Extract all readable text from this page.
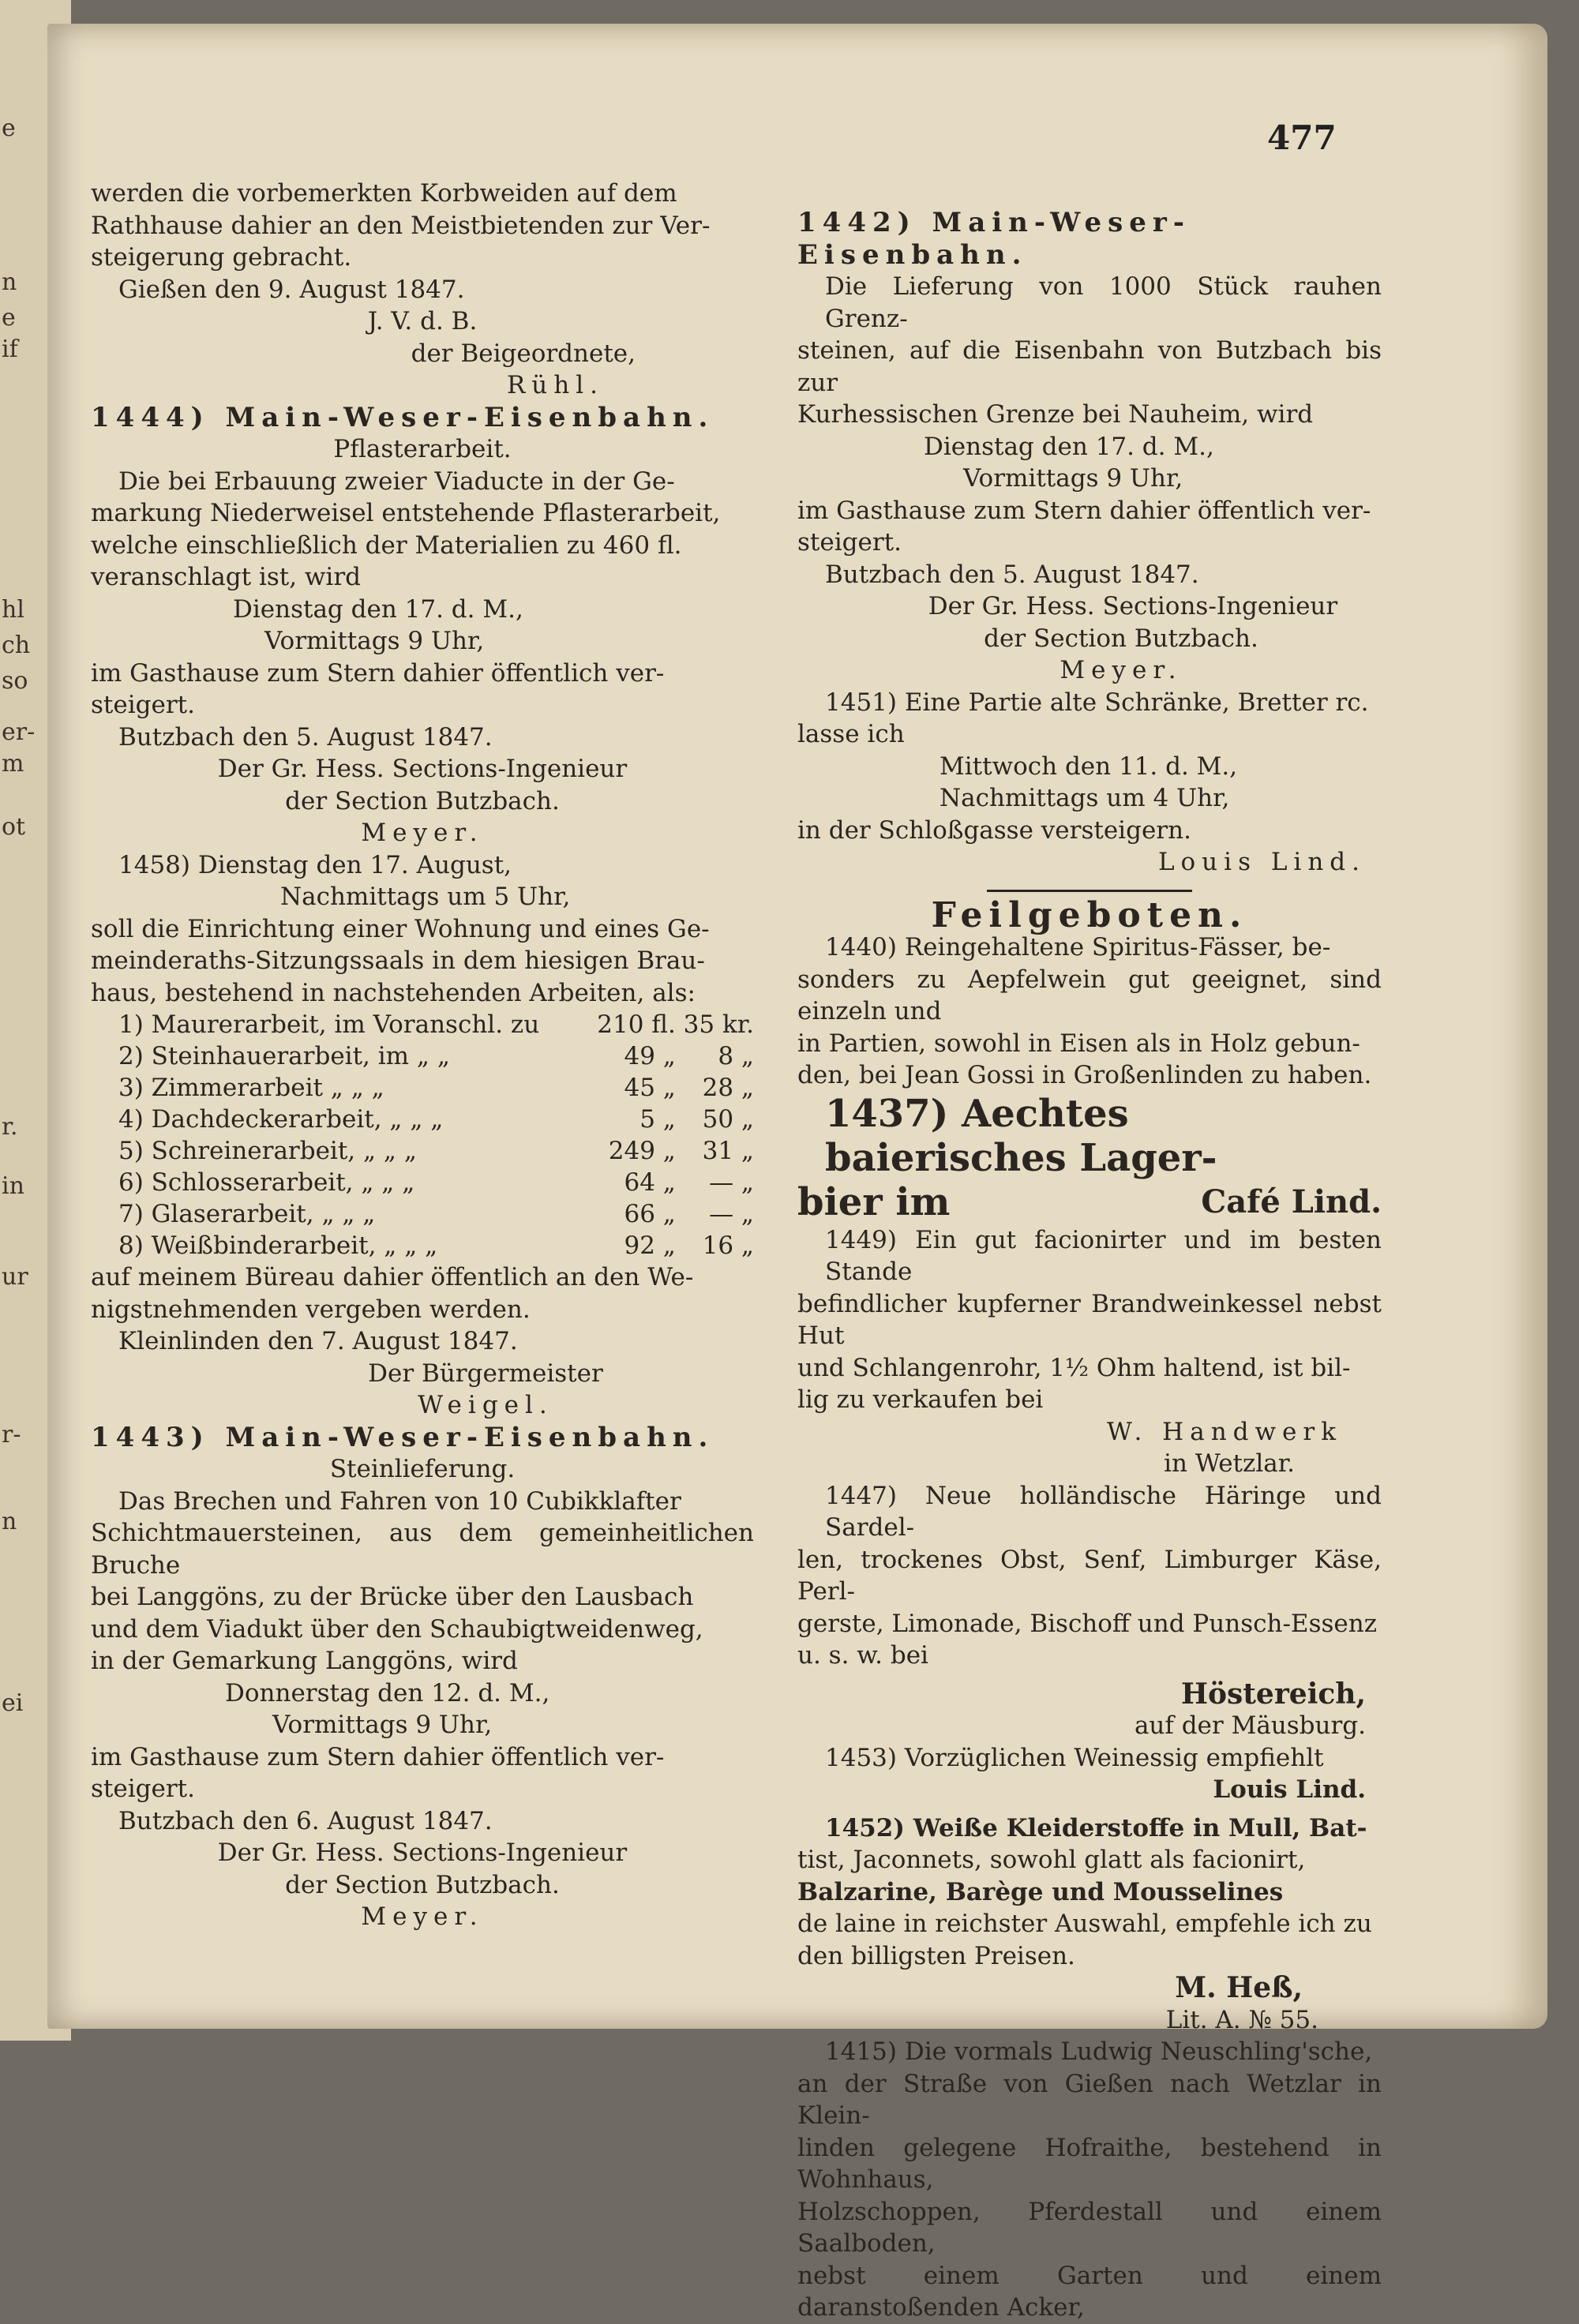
e
n
e
if
hl
ch
so
er-
m
ot
r.
in
ur
r-
n
ei
477

werden die vorbemerkten Korbweiden auf dem

Rathhause dahier an den Meistbietenden zur Ver-

steigerung gebracht.

Gießen den 9. August 1847.

J. V. d. B.

der Beigeordnete,

Rühl.

1444) Main-Weser-Eisenbahn.

Pflasterarbeit.

Die bei Erbauung zweier Viaducte in der Ge-

markung Niederweisel entstehende Pflasterarbeit,

welche einschließlich der Materialien zu 460 fl.

veranschlagt ist, wird

Dienstag den 17. d. M.,

Vormittags 9 Uhr,

im Gasthause zum Stern dahier öffentlich ver-

steigert.

Butzbach den 5. August 1847.

Der Gr. Hess. Sections-Ingenieur

der Section Butzbach.

Meyer.

1458) Dienstag den 17. August,

Nachmittags um 5 Uhr,

soll die Einrichtung einer Wohnung und eines Ge-

meinderaths-Sitzungssaals in dem hiesigen Brau-

haus, bestehend in nachstehenden Arbeiten, als:

1) Maurerarbeit, im Voranschl. zu	210 fl.	35 kr.
2) Steinhauerarbeit, im „ „	49 „	8 „
3) Zimmerarbeit „ „ „	45 „	28 „
4) Dachdeckerarbeit, „ „ „	5 „	50 „
5) Schreinerarbeit, „ „ „	249 „	31 „
6) Schlosserarbeit, „ „ „	64 „	— „
7) Glaserarbeit, „ „ „	66 „	— „
8) Weißbinderarbeit, „ „ „	92 „	16 „

auf meinem Büreau dahier öffentlich an den We-

nigstnehmenden vergeben werden.

Kleinlinden den 7. August 1847.

Der Bürgermeister

Weigel.

1443) Main-Weser-Eisenbahn.

Steinlieferung.

Das Brechen und Fahren von 10 Cubikklafter

Schichtmauersteinen, aus dem gemeinheitlichen Bruche

bei Langgöns, zu der Brücke über den Lausbach

und dem Viadukt über den Schaubigtweidenweg,

in der Gemarkung Langgöns, wird

Donnerstag den 12. d. M.,

Vormittags 9 Uhr,

im Gasthause zum Stern dahier öffentlich ver-

steigert.

Butzbach den 6. August 1847.

Der Gr. Hess. Sections-Ingenieur

der Section Butzbach.

Meyer.

1442) Main-Weser-Eisenbahn.

Die Lieferung von 1000 Stück rauhen Grenz-

steinen, auf die Eisenbahn von Butzbach bis zur

Kurhessischen Grenze bei Nauheim, wird

Dienstag den 17. d. M.,

Vormittags 9 Uhr,

im Gasthause zum Stern dahier öffentlich ver-

steigert.

Butzbach den 5. August 1847.

Der Gr. Hess. Sections-Ingenieur

der Section Butzbach.

Meyer.

1451) Eine Partie alte Schränke, Bretter rc.

lasse ich

Mittwoch den 11. d. M.,

Nachmittags um 4 Uhr,

in der Schloßgasse versteigern.

Louis Lind.

Feilgeboten.

1440) Reingehaltene Spiritus-Fässer, be-

sonders zu Aepfelwein gut geeignet, sind einzeln und

in Partien, sowohl in Eisen als in Holz gebun-

den, bei Jean Gossi in Großenlinden zu haben.

1437) Aechtes baierisches Lager-

bier im	Café Lind.

1449) Ein gut facionirter und im besten Stande

befindlicher kupferner Brandweinkessel nebst Hut

und Schlangenrohr, 1½ Ohm haltend, ist bil-

lig zu verkaufen bei

W. Handwerk

in Wetzlar.

1447) Neue holländische Häringe und Sardel-

len, trockenes Obst, Senf, Limburger Käse, Perl-

gerste, Limonade, Bischoff und Punsch-Essenz

u. s. w. bei

Höstereich,

auf der Mäusburg.

1453) Vorzüglichen Weinessig empfiehlt

Louis Lind.

1452) Weiße Kleiderstoffe in Mull, Bat-

tist, Jaconnets, sowohl glatt als facionirt,

Balzarine, Barège und Mousselines

de laine in reichster Auswahl, empfehle ich zu

den billigsten Preisen.

M. Heß,

Lit. A. № 55.

1415) Die vormals Ludwig Neuschling'sche,

an der Straße von Gießen nach Wetzlar in Klein-

linden gelegene Hofraithe, bestehend in Wohnhaus,

Holzschoppen, Pferdestall und einem Saalboden,

nebst einem Garten und einem daranstoßenden Acker,
